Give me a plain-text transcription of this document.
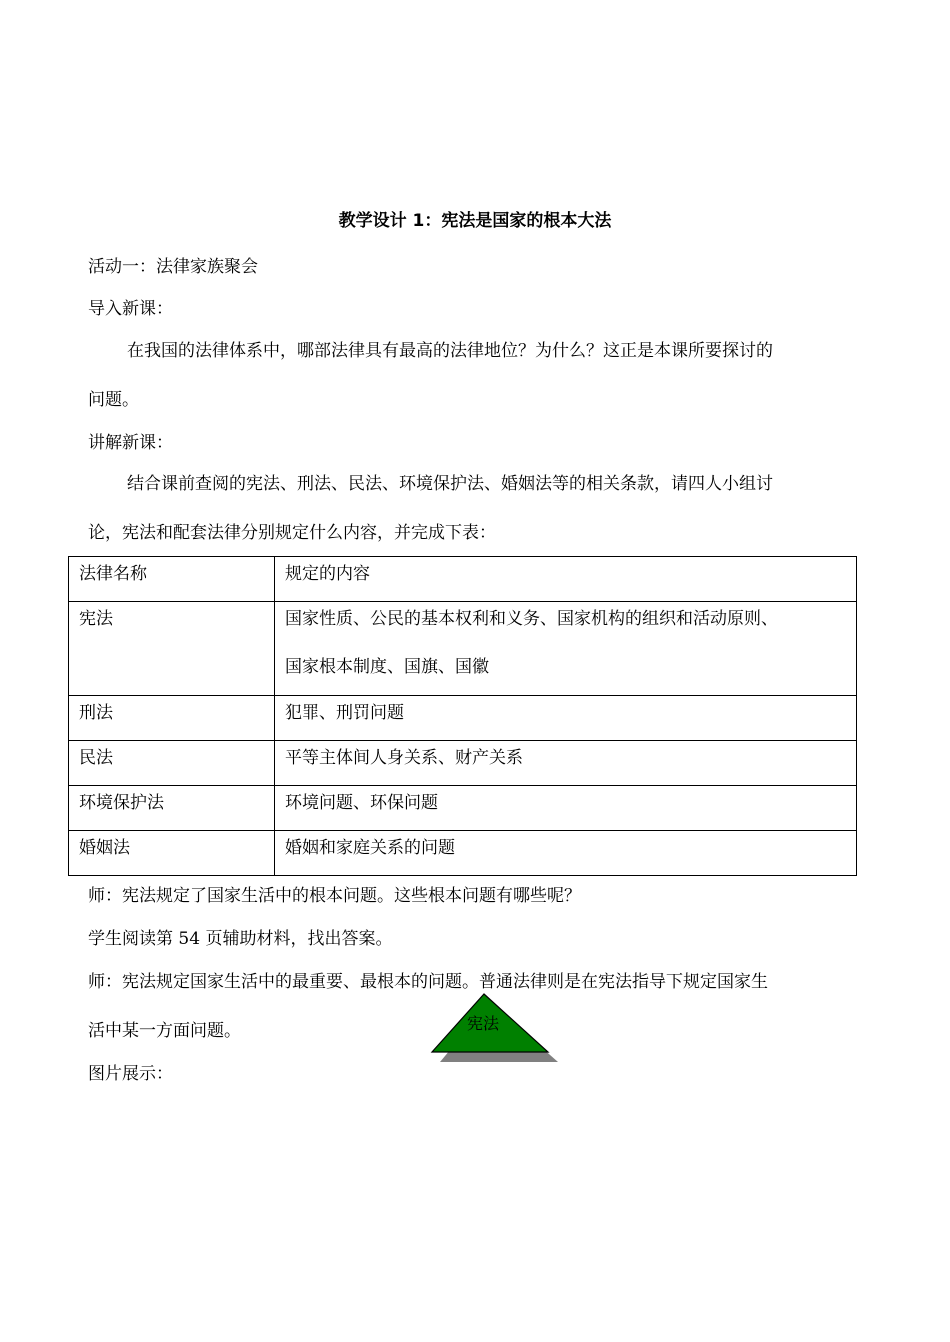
教学设计 1：宪法是国家的根本大法
活动一：法律家族聚会
导入新课：
在我国的法律体系中，哪部法律具有最高的法律地位？为什么？这正是本课所要探讨的
问题。
讲解新课：
结合课前查阅的宪法、刑法、民法、环境保护法、婚姻法等的相关条款，请四人小组讨
论，宪法和配套法律分别规定什么内容，并完成下表：
法律名称	规定的内容
宪法	国家性质、公民的基本权利和义务、国家机构的组织和活动原则、
国家根本制度、国旗、国徽

刑法	犯罪、刑罚问题
民法	平等主体间人身关系、财产关系
环境保护法	环境问题、环保问题
婚姻法	婚姻和家庭关系的问题
师：宪法规定了国家生活中的根本问题。这些根本问题有哪些呢？
学生阅读第 54 页辅助材料，找出答案。
师：宪法规定国家生活中的最重要、最根本的问题。普通法律则是在宪法指导下规定国家生
活中某一方面问题。	宪法
图片展示：
